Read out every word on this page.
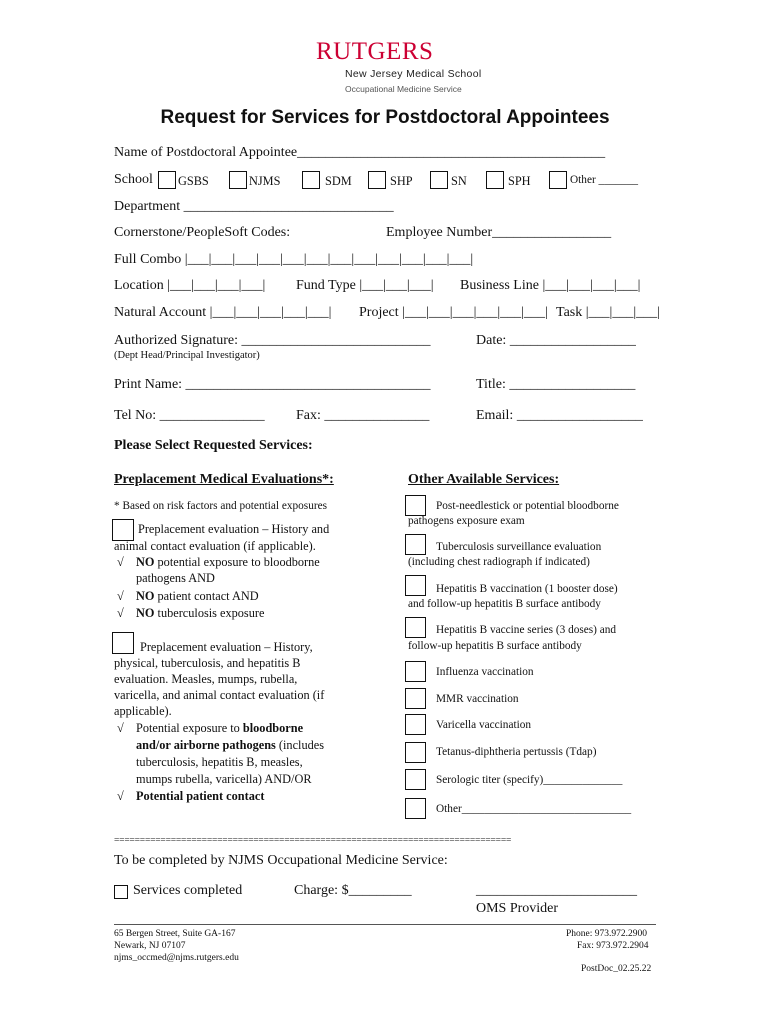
RUTGERS
New Jersey Medical School
Occupational Medicine Service
Request for Services for Postdoctoral Appointees
Name of Postdoctoral Appointee____________________________________________
School GSBS	NJMS	SDM	SHP	SN	SPH	Other _______
Department ______________________________
Cornerstone/PeopleSoft Codes:	Employee Number_________________
Full Combo |___|___|___|___|___|___|___|___|___|___|___|___|
Location |___|___|___|___| Fund Type |___|___|___| Business Line |___|___|___|___|
Natural Account |___|___|___|___|___| Project |___|___|___|___|___|___| Task |___|___|___|
Authorized Signature: ___________________________	Date: __________________
(Dept Head/Principal Investigator)
Print Name: ___________________________________	Title: __________________
Tel No: _______________ Fax: _______________	Email: __________________
Please Select Requested Services:
Preplacement Medical Evaluations*:
* Based on risk factors and potential exposures
Preplacement evaluation – History and
animal contact evaluation (if applicable).
√ NO potential exposure to bloodborne
pathogens AND
√ NO patient contact AND
√ NO tuberculosis exposure
Preplacement evaluation – History,
physical, tuberculosis, and hepatitis B
evaluation. Measles, mumps, rubella,
varicella, and animal contact evaluation (if
applicable).
√ Potential exposure to bloodborne
and/or airborne pathogens (includes
tuberculosis, hepatitis B, measles,
mumps rubella, varicella) AND/OR
√ Potential patient contact
Other Available Services:
Post-needlestick or potential bloodborne
pathogens exposure exam
Tuberculosis surveillance evaluation
(including chest radiograph if indicated)
Hepatitis B vaccination (1 booster dose)
and follow-up hepatitis B surface antibody
Hepatitis B vaccine series (3 doses) and
follow-up hepatitis B surface antibody
Influenza vaccination
MMR vaccination
Varicella vaccination
Tetanus-diphtheria pertussis (Tdap)
Serologic titer (specify)______________
Other______________________________
=============================================================================
To be completed by NJMS Occupational Medicine Service:
Services completed	Charge: $_________	_______________________
OMS Provider
65 Bergen Street, Suite GA-167
Newark, NJ 07107
njms_occmed@njms.rutgers.edu
Phone: 973.972.2900
Fax: 973.972.2904
PostDoc_02.25.22
